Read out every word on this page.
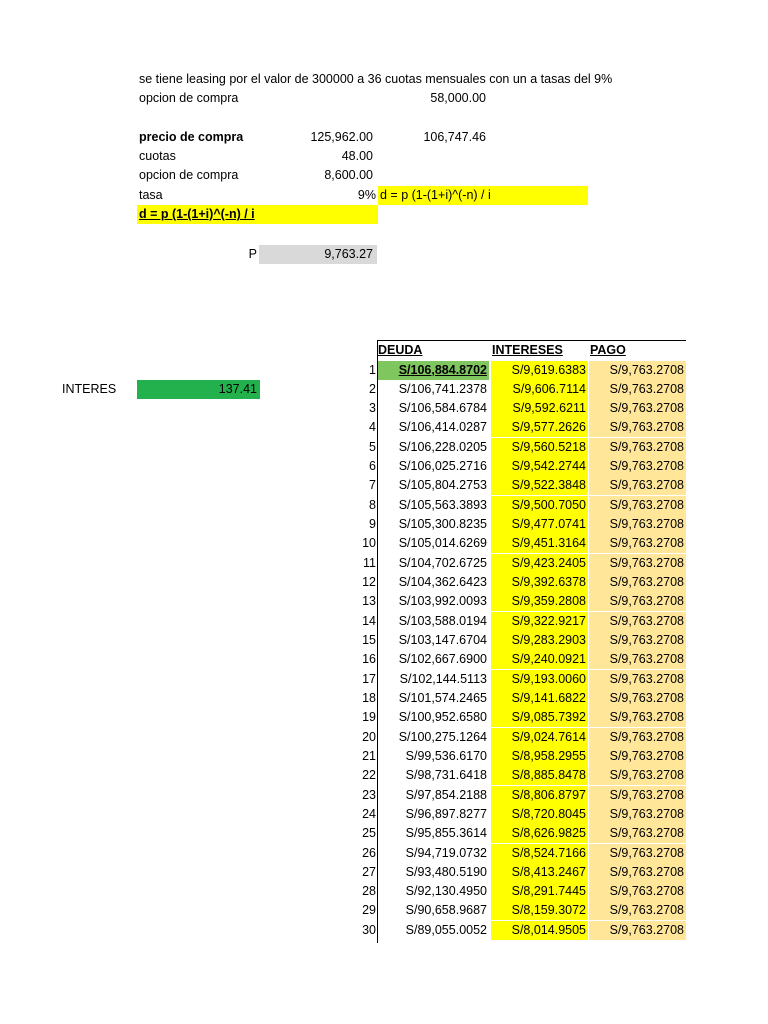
se tiene leasing por el valor de 300000 a 36 cuotas mensuales con un a tasas del 9%
opcion de compra	58,000.00
precio de compra	125,962.00	106,747.46
cuotas	48.00
opcion de compra	8,600.00
tasa	9% d = p (1-(1+i)^(-n) / i
d = p (1-(1+i)^(-n) / i
P	9,763.27
INTERES	137.41
DEUDA	INTERESES PAGO
1	S/106,884.8702	S/9,619.6383	S/9,763.2708
2	S/106,741.2378	S/9,606.7114	S/9,763.2708
3	S/106,584.6784	S/9,592.6211	S/9,763.2708
4	S/106,414.0287	S/9,577.2626	S/9,763.2708
5	S/106,228.0205	S/9,560.5218	S/9,763.2708
6	S/106,025.2716	S/9,542.2744	S/9,763.2708
7	S/105,804.2753	S/9,522.3848	S/9,763.2708
8	S/105,563.3893	S/9,500.7050	S/9,763.2708
9	S/105,300.8235	S/9,477.0741	S/9,763.2708
10	S/105,014.6269	S/9,451.3164	S/9,763.2708
11	S/104,702.6725	S/9,423.2405	S/9,763.2708
12	S/104,362.6423	S/9,392.6378	S/9,763.2708
13	S/103,992.0093	S/9,359.2808	S/9,763.2708
14	S/103,588.0194	S/9,322.9217	S/9,763.2708
15	S/103,147.6704	S/9,283.2903	S/9,763.2708
16	S/102,667.6900	S/9,240.0921	S/9,763.2708
17	S/102,144.5113	S/9,193.0060	S/9,763.2708
18	S/101,574.2465	S/9,141.6822	S/9,763.2708
19	S/100,952.6580	S/9,085.7392	S/9,763.2708
20	S/100,275.1264	S/9,024.7614	S/9,763.2708
21	S/99,536.6170	S/8,958.2955	S/9,763.2708
22	S/98,731.6418	S/8,885.8478	S/9,763.2708
23	S/97,854.2188	S/8,806.8797	S/9,763.2708
24	S/96,897.8277	S/8,720.8045	S/9,763.2708
25	S/95,855.3614	S/8,626.9825	S/9,763.2708
26	S/94,719.0732	S/8,524.7166	S/9,763.2708
27	S/93,480.5190	S/8,413.2467	S/9,763.2708
28	S/92,130.4950	S/8,291.7445	S/9,763.2708
29	S/90,658.9687	S/8,159.3072	S/9,763.2708
30	S/89,055.0052	S/8,014.9505	S/9,763.2708
